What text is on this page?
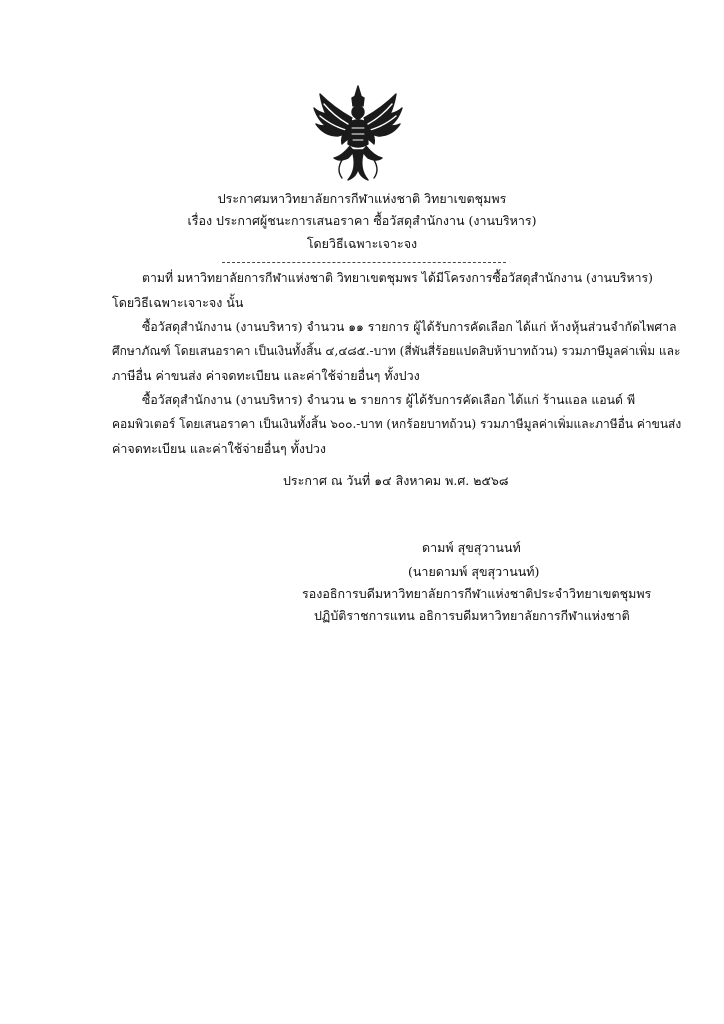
ประกาศมหาวิทยาลัยการกีฬาแห่งชาติ วิทยาเขตชุมพร
เรื่อง ประกาศผู้ชนะการเสนอราคา ซื้อวัสดุสำนักงาน (งานบริหาร)
โดยวิธีเฉพาะเจาะจง
ตามที่ มหาวิทยาลัยการกีฬาแห่งชาติ วิทยาเขตชุมพร ได้มีโครงการซื้อวัสดุสำนักงาน (งานบริหาร)
โดยวิธีเฉพาะเจาะจง นั้น
ซื้อวัสดุสำนักงาน (งานบริหาร) จำนวน ๑๑ รายการ ผู้ได้รับการคัดเลือก ได้แก่ ห้างหุ้นส่วนจำกัดไพศาล
ศึกษาภัณฑ์ โดยเสนอราคา เป็นเงินทั้งสิ้น ๔,๔๘๕.-บาท (สี่พันสี่ร้อยแปดสิบห้าบาทถ้วน) รวมภาษีมูลค่าเพิ่ม และ
ภาษีอื่น ค่าขนส่ง ค่าจดทะเบียน และค่าใช้จ่ายอื่นๆ ทั้งปวง
ซื้อวัสดุสำนักงาน (งานบริหาร) จำนวน ๒ รายการ ผู้ได้รับการคัดเลือก ได้แก่ ร้านแอล แอนด์ พี
คอมพิวเตอร์ โดยเสนอราคา เป็นเงินทั้งสิ้น ๖๐๐.-บาท (หกร้อยบาทถ้วน) รวมภาษีมูลค่าเพิ่มและภาษีอื่น ค่าขนส่ง
ค่าจดทะเบียน และค่าใช้จ่ายอื่นๆ ทั้งปวง
ประกาศ ณ วันที่ ๑๔ สิงหาคม พ.ศ. ๒๕๖๘
ดามพ์ สุขสุวานนท์
(นายดามพ์ สุขสุวานนท์)
รองอธิการบดีมหาวิทยาลัยการกีฬาแห่งชาติประจำวิทยาเขตชุมพร
ปฏิบัติราชการแทน อธิการบดีมหาวิทยาลัยการกีฬาแห่งชาติ
